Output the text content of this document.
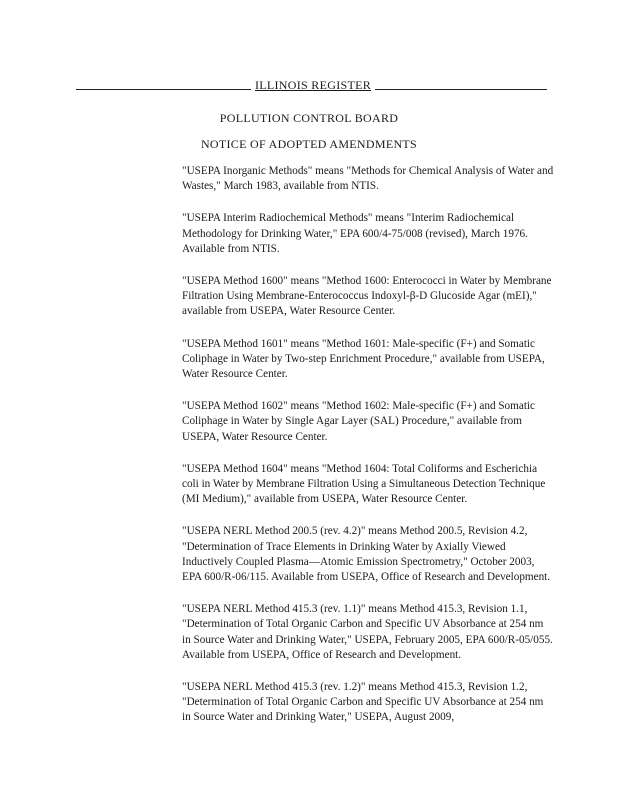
ILLINOIS REGISTER
POLLUTION CONTROL BOARD
NOTICE OF ADOPTED AMENDMENTS

"USEPA Inorganic Methods" means "Methods for Chemical Analysis of Water and Wastes," March 1983, available from NTIS.

"USEPA Interim Radiochemical Methods" means "Interim Radiochemical Methodology for Drinking Water," EPA 600/4-75/008 (revised), March 1976. Available from NTIS.

"USEPA Method 1600" means "Method 1600: Enterococci in Water by Membrane Filtration Using Membrane-Enterococcus Indoxyl-β-D Glucoside Agar (mEI)," available from USEPA, Water Resource Center.

"USEPA Method 1601" means "Method 1601: Male-specific (F+) and Somatic Coliphage in Water by Two-step Enrichment Procedure," available from USEPA, Water Resource Center.

"USEPA Method 1602" means "Method 1602: Male-specific (F+) and Somatic Coliphage in Water by Single Agar Layer (SAL) Procedure," available from USEPA, Water Resource Center.

"USEPA Method 1604" means "Method 1604: Total Coliforms and Escherichia coli in Water by Membrane Filtration Using a Simultaneous Detection Technique (MI Medium)," available from USEPA, Water Resource Center.

"USEPA NERL Method 200.5 (rev. 4.2)" means Method 200.5, Revision 4.2, "Determination of Trace Elements in Drinking Water by Axially Viewed Inductively Coupled Plasma—Atomic Emission Spectrometry," October 2003, EPA 600/R-06/115. Available from USEPA, Office of Research and Development.

"USEPA NERL Method 415.3 (rev. 1.1)" means Method 415.3, Revision 1.1, "Determination of Total Organic Carbon and Specific UV Absorbance at 254 nm in Source Water and Drinking Water," USEPA, February 2005, EPA 600/R-05/055. Available from USEPA, Office of Research and Development.

"USEPA NERL Method 415.3 (rev. 1.2)" means Method 415.3, Revision 1.2, "Determination of Total Organic Carbon and Specific UV Absorbance at 254 nm in Source Water and Drinking Water," USEPA, August 2009,
